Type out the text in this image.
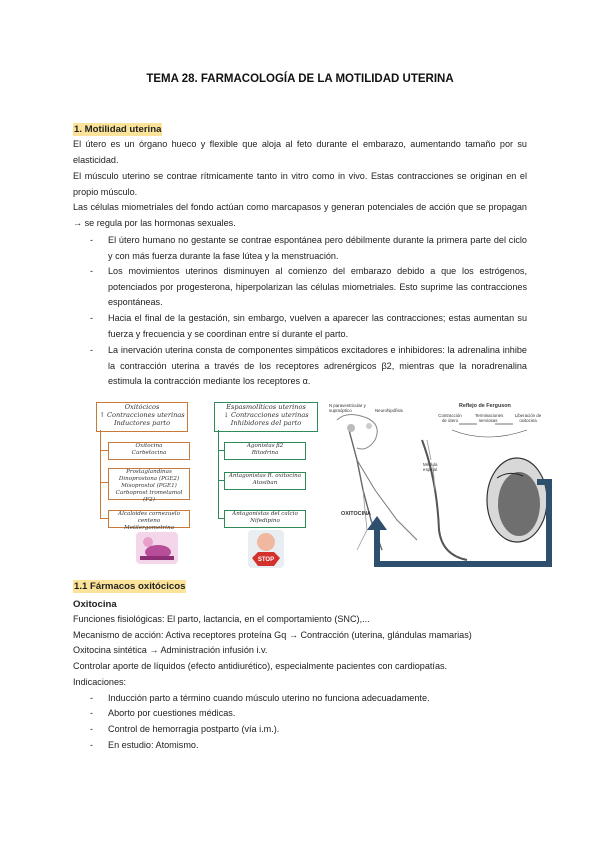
TEMA 28. FARMACOLOGÍA DE LA MOTILIDAD UTERINA
1. Motilidad uterina
El útero es un órgano hueco y flexible que aloja al feto durante el embarazo, aumentando tamaño por su elasticidad.
El músculo uterino se contrae rítmicamente tanto in vitro como in vivo. Estas contracciones se originan en el propio músculo.
Las células miometriales del fondo actúan como marcapasos y generan potenciales de acción que se propagan → se regula por las hormonas sexuales.
- El útero humano no gestante se contrae espontánea pero débilmente durante la primera parte del ciclo y con más fuerza durante la fase lútea y la menstruación.
- Los movimientos uterinos disminuyen al comienzo del embarazo debido a que los estrógenos, potenciados por progesterona, hiperpolarizan las células miometriales. Esto suprime las contracciones espontáneas.
- Hacia el final de la gestación, sin embargo, vuelven a aparecer las contracciones; estas aumentan su fuerza y frecuencia y se coordinan entre sí durante el parto.
- La inervación uterina consta de componentes simpáticos excitadores e inhibidores: la adrenalina inhibe la contracción uterina a través de los receptores adrenérgicos β2, mientras que la noradrenalina estimula la contracción mediante los receptores α.
Oxitócicos
↑ Contracciones uterinas
Inductores parto
Espasmolíticos uterinos
↓ Contracciones uterinas
Inhibidores del parto
Oxitocina
Carbetocina
Prostaglandinas
Dinoprostona (PGE2)
Misoprostol (PGE1)
Carboprost trometamol (F2)
Alcaloides cornezuelo centeno
Metilergometrina
Agonistas β2
Ritodrina
Antagonistas R. oxitocina
Atosiban
Antagonistas del calcio
Nifedipino
STOP
Reflejo de Ferguson
Contracción de útero
Terminaciones nerviosas
Liberación de oxitocina
N paraventricular y supraóptico	Neurohipófisis
Médula espinal
OXITOCINA
1.1 Fármacos oxitócicos
Oxitocina
Funciones fisiológicas: El parto, lactancia, en el comportamiento (SNC),...
Mecanismo de acción: Activa receptores proteína Gq → Contracción (uterina, glándulas mamarias)
Oxitocina sintética → Administración infusión i.v.
Controlar aporte de líquidos (efecto antidiurético), especialmente pacientes con cardiopatías.
Indicaciones:
- Inducción parto a término cuando músculo uterino no funciona adecuadamente.
- Aborto por cuestiones médicas.
- Control de hemorragia postparto (vía i.m.).
- En estudio: Atomismo.
